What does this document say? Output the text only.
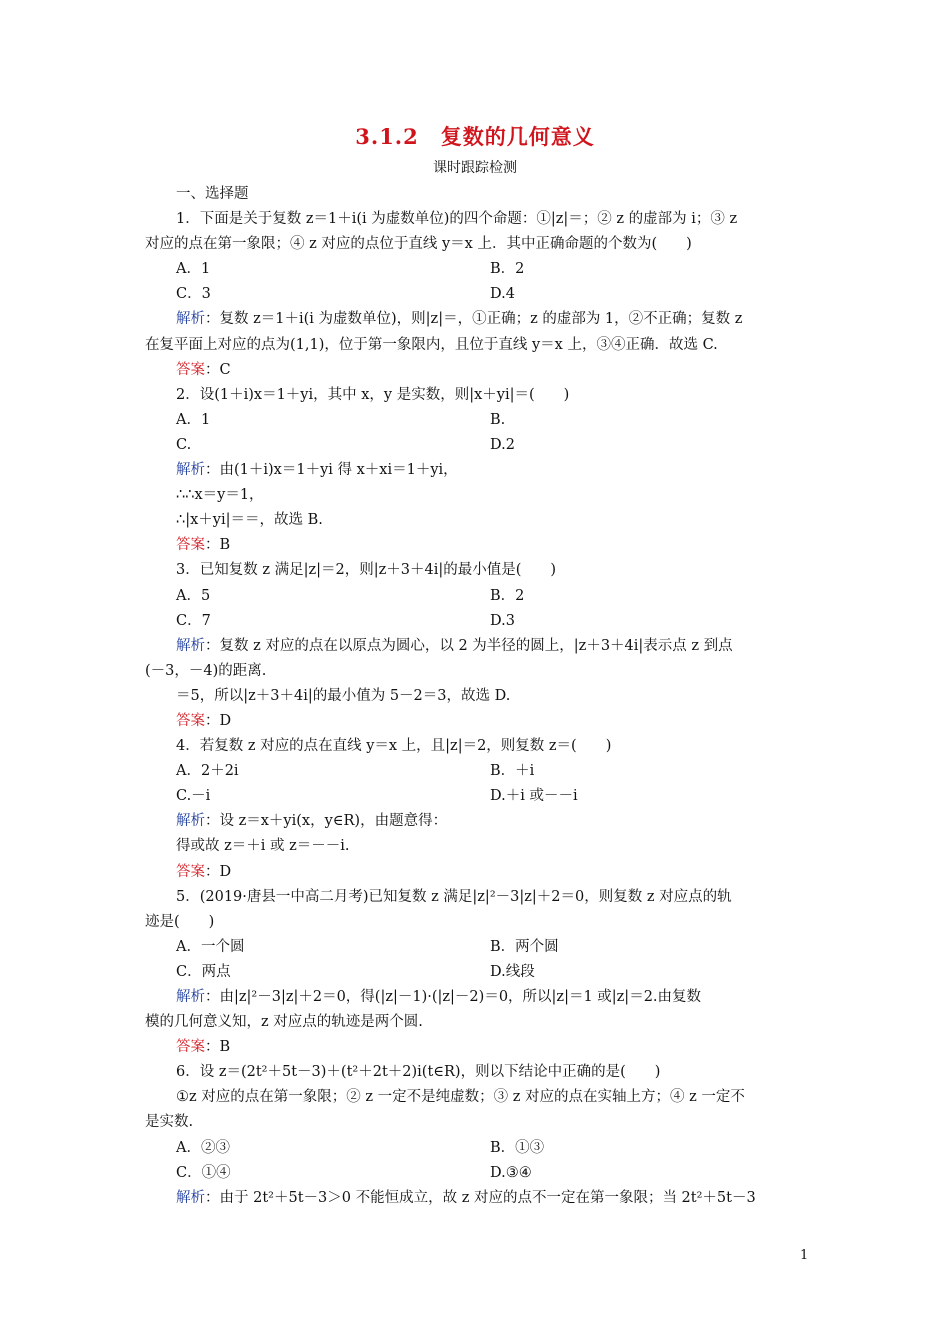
3.1.2　复数的几何意义
课时跟踪检测
一、选择题
1．下面是关于复数 z＝1＋i(i 为虚数单位)的四个命题：①|z|＝；② z 的虚部为 i；③ z
对应的点在第一象限；④ z 对应的点位于直线 y＝x 上．其中正确命题的个数为(　　)
A．1	B．2
C．3	D.4
解析：复数 z＝1＋i(i 为虚数单位)，则|z|＝，①正确；z 的虚部为 1，②不正确；复数 z
在复平面上对应的点为(1,1)，位于第一象限内，且位于直线 y＝x 上，③④正确．故选 C.
答案：C
2．设(1＋i)x＝1＋yi，其中 x，y 是实数，则|x＋yi|＝(　　)
A．1	B.
C.	D.2
解析：由(1＋i)x＝1＋yi 得 x＋xi＝1＋yi，
∴∴x＝y＝1，
∴|x＋yi|＝＝，故选 B.
答案：B
3．已知复数 z 满足|z|＝2，则|z＋3＋4i|的最小值是(　　)
A．5	B．2
C．7	D.3
解析：复数 z 对应的点在以原点为圆心，以 2 为半径的圆上，|z＋3＋4i|表示点 z 到点
(－3，－4)的距离.
＝5，所以|z＋3＋4i|的最小值为 5－2＝3，故选 D.
答案：D
4．若复数 z 对应的点在直线 y＝x 上，且|z|＝2，则复数 z＝(　　)
A．2＋2i	B．＋i
C.－i	D.＋i 或－－i
解析：设 z＝x＋yi(x，y∈R)，由题意得：
得或故 z＝＋i 或 z＝－－i.
答案：D
5．(2019·唐县一中高二月考)已知复数 z 满足|z|²－3|z|＋2＝0，则复数 z 对应点的轨
迹是(　　)
A．一个圆	B．两个圆
C．两点	D.线段
解析：由|z|²－3|z|＋2＝0，得(|z|－1)·(|z|－2)＝0，所以|z|＝1 或|z|＝2.由复数
模的几何意义知，z 对应点的轨迹是两个圆.
答案：B
6．设 z＝(2t²＋5t－3)＋(t²＋2t＋2)i(t∈R)，则以下结论中正确的是(　　)
①z 对应的点在第一象限；② z 一定不是纯虚数；③ z 对应的点在实轴上方；④ z 一定不
是实数.
A．②③	B．①③
C．①④	D.③④
解析：由于 2t²＋5t－3＞0 不能恒成立，故 z 对应的点不一定在第一象限；当 2t²＋5t－3
1
